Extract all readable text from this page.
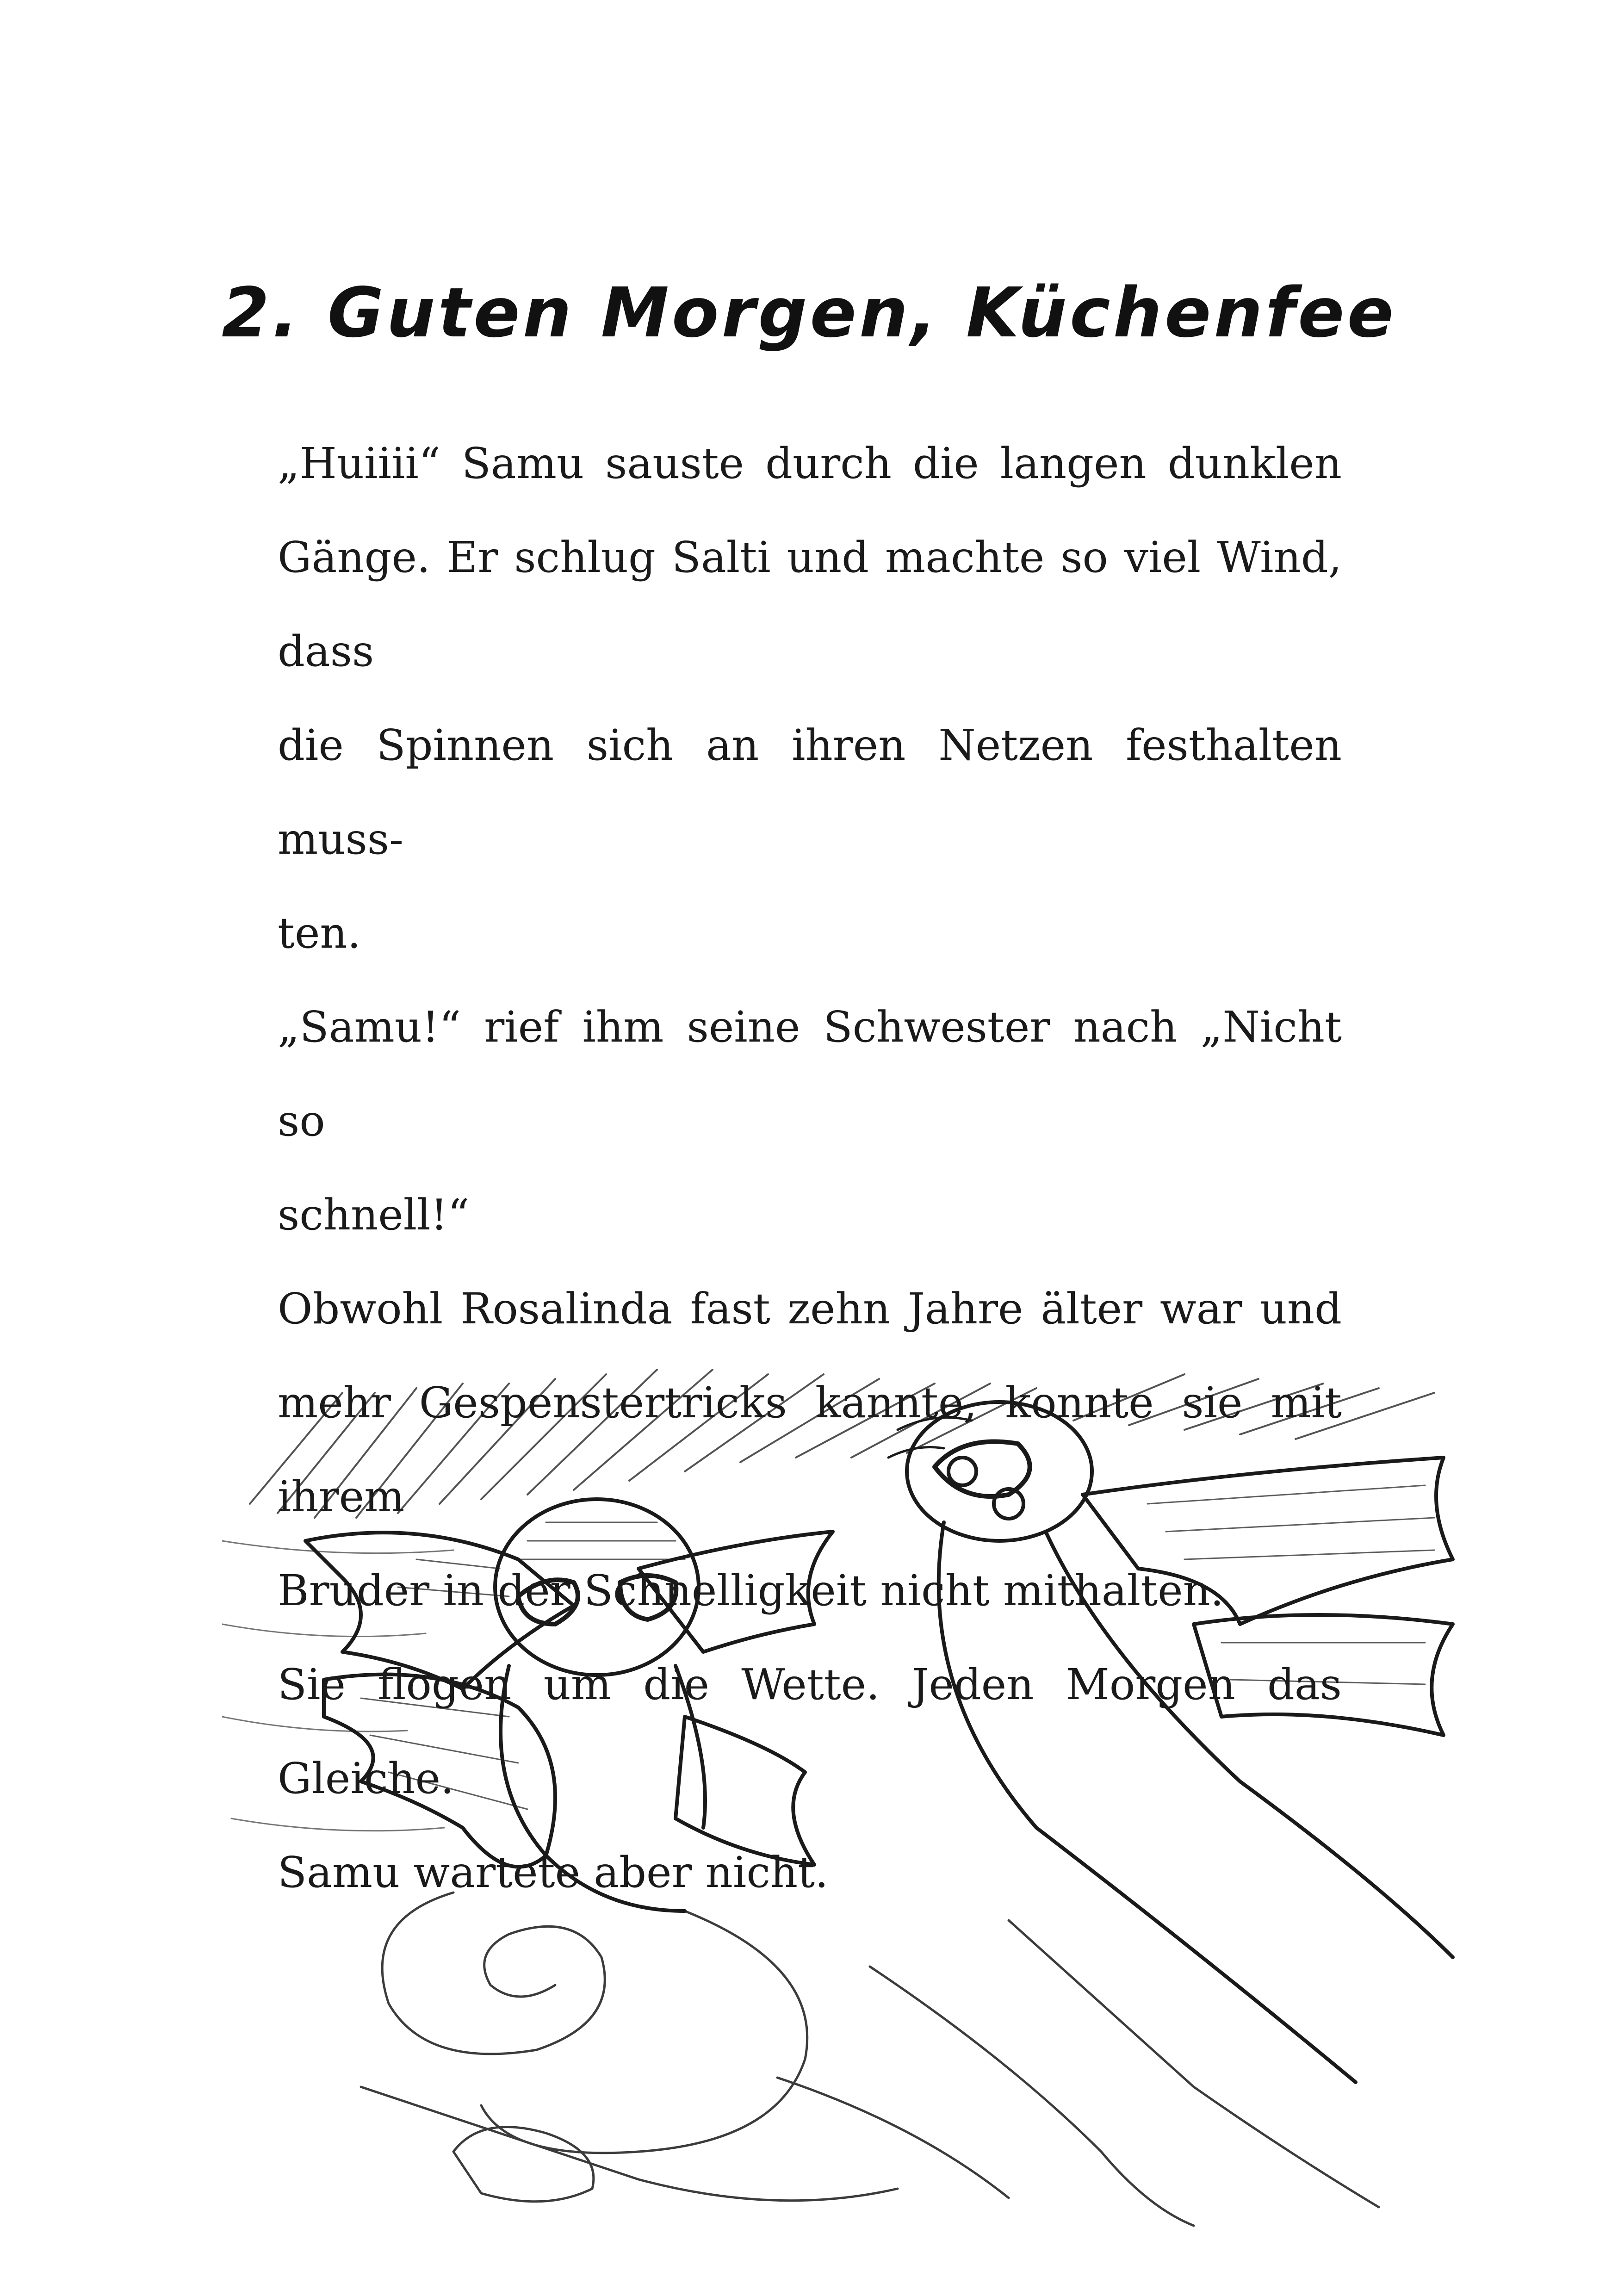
2. Guten Morgen, Küchenfee
„Huiiii“ Samu sauste durch die langen dunklen
Gänge. Er schlug Salti und machte so viel Wind, dass
die Spinnen sich an ihren Netzen festhalten muss-
ten.
„Samu!“ rief ihm seine Schwester nach „Nicht so
schnell!“
Obwohl Rosalinda fast zehn Jahre älter war und
mehr Gespenstertricks kannte, konnte sie mit ihrem
Bruder in der Schnelligkeit nicht mithalten.
Sie flogen um die Wette. Jeden Morgen das Gleiche.
Samu wartete aber nicht.
